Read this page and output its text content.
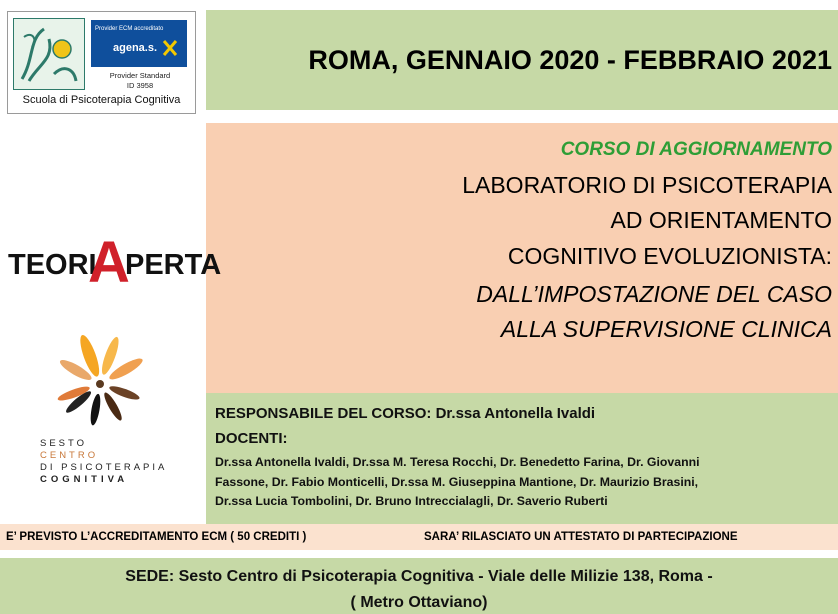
Provider ECM accreditato
agena.s.
Provider Standard
ID 3958
Scuola di Psicoterapia Cognitiva
ROMA, GENNAIO 2020 - FEBBRAIO 2021
CORSO DI AGGIORNAMENTO
LABORATORIO DI PSICOTERAPIA
AD ORIENTAMENTO
COGNITIVO EVOLUZIONISTA:
DALL’IMPOSTAZIONE DEL CASO
ALLA SUPERVISIONE CLINICA
RESPONSABILE DEL CORSO: Dr.ssa Antonella Ivaldi
DOCENTI:
Dr.ssa Antonella Ivaldi, Dr.ssa M. Teresa Rocchi, Dr. Benedetto Farina, Dr. Giovanni
Fassone, Dr. Fabio Monticelli, Dr.ssa M. Giuseppina Mantione, Dr. Maurizio Brasini,
Dr.ssa Lucia Tombolini, Dr. Bruno Intreccialagli, Dr. Saverio Ruberti
TEORI
A
PERTA
SESTO
CENTRO
DI PSICOTERAPIA
COGNITIVA
E’ PREVISTO L’ACCREDITAMENTO ECM ( 50 CREDITI )	SARA’ RILASCIATO UN ATTESTATO DI PARTECIPAZIONE
SEDE: Sesto Centro di Psicoterapia Cognitiva - Viale delle Milizie 138, Roma -
( Metro Ottaviano)
